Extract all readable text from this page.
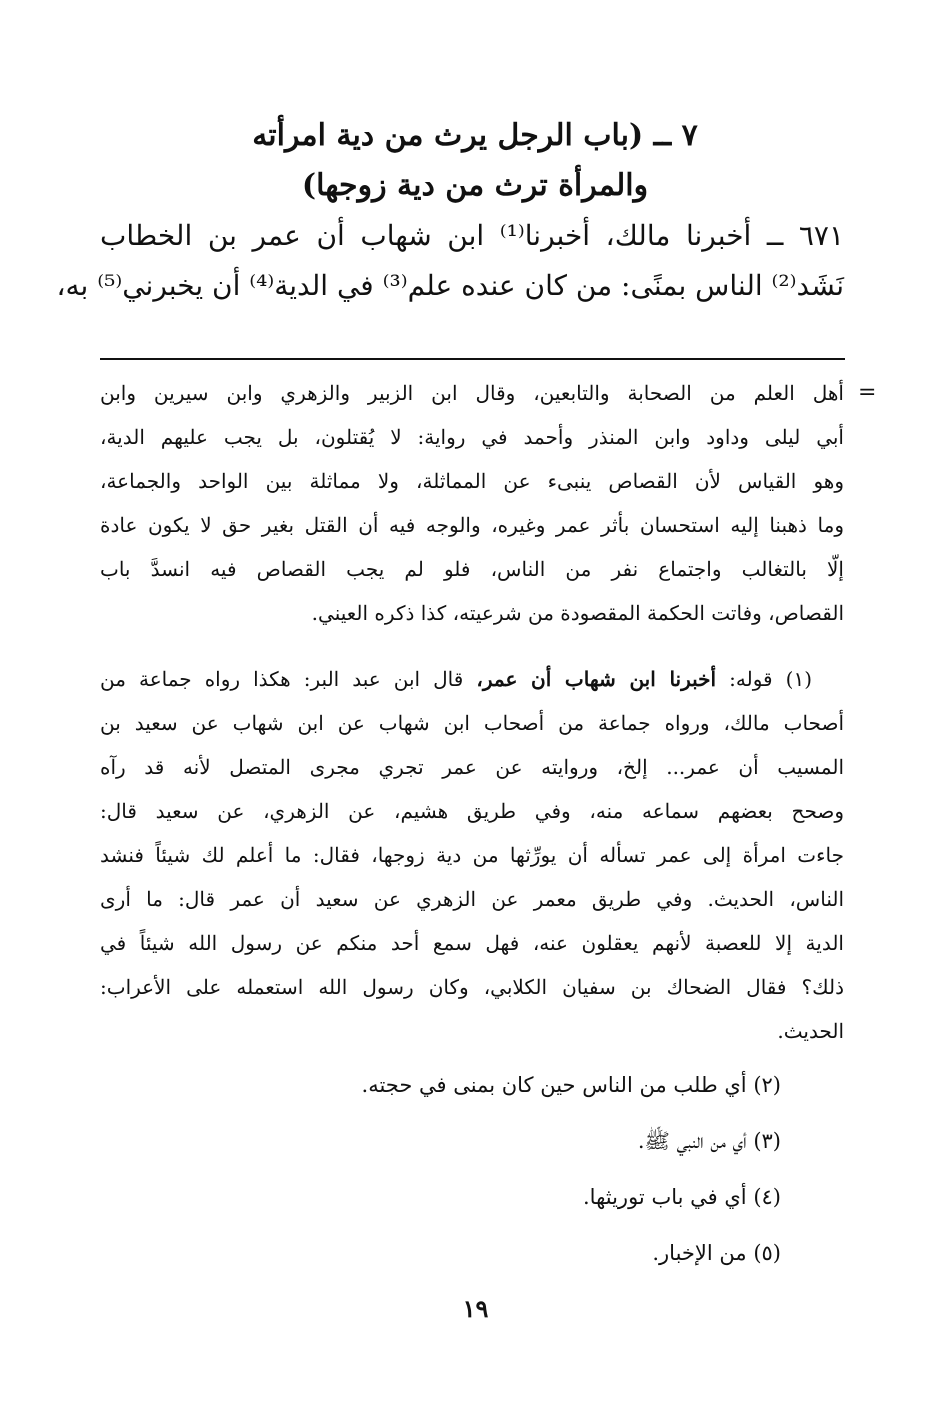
٧ ــ (باب الرجل يرث من دية امرأته
والمرأة ترث من دية زوجها)
٦٧١ ــ أخبرنا مالك، أخبرنا⁽¹⁾ ابن شهاب أن عمر بن الخطاب
نَشَد⁽²⁾ الناس بمنًى: من كان عنده علم⁽³⁾ في الدية⁽⁴⁾ أن يخبرني⁽⁵⁾ به،
=
أهل العلم من الصحابة والتابعين، وقال ابن الزبير والزهري وابن سيرين وابن
أبي ليلى وداود وابن المنذر وأحمد في رواية: لا يُقتلون، بل يجب عليهم الدية،
وهو القياس لأن القصاص ينبىء عن المماثلة، ولا مماثلة بين الواحد والجماعة،
وما ذهبنا إليه استحسان بأثر عمر وغيره، والوجه فيه أن القتل بغير حق لا يكون عادة
إلّا بالتغالب واجتماع نفر من الناس، فلو لم يجب القصاص فيه انسدَّ باب
القصاص، وفاتت الحكمة المقصودة من شرعيته، كذا ذكره العيني.
(١) قوله: أخبرنا ابن شهاب أن عمر، قال ابن عبد البر: هكذا رواه جماعة من
أصحاب مالك، ورواه جماعة من أصحاب ابن شهاب عن ابن شهاب عن سعيد بن
المسيب أن عمر... إلخ، وروايته عن عمر تجري مجرى المتصل لأنه قد رآه
وصحح بعضهم سماعه منه، وفي طريق هشيم، عن الزهري، عن سعيد قال:
جاءت امرأة إلى عمر تسأله أن يورِّثها من دية زوجها، فقال: ما أعلم لك شيئاً فنشد
الناس، الحديث. وفي طريق معمر عن الزهري عن سعيد أن عمر قال: ما أرى
الدية إلا للعصبة لأنهم يعقلون عنه، فهل سمع أحد منكم عن رسول الله شيئاً في
ذلك؟ فقال الضحاك بن سفيان الكلابي، وكان رسول الله استعمله على الأعراب:
الحديث.
(٢) أي طلب من الناس حين كان بمنى في حجته.
(٣) أي من النبي ﷺ.
(٤) أي في باب توريثها.
(٥) من الإخبار.
١٩
